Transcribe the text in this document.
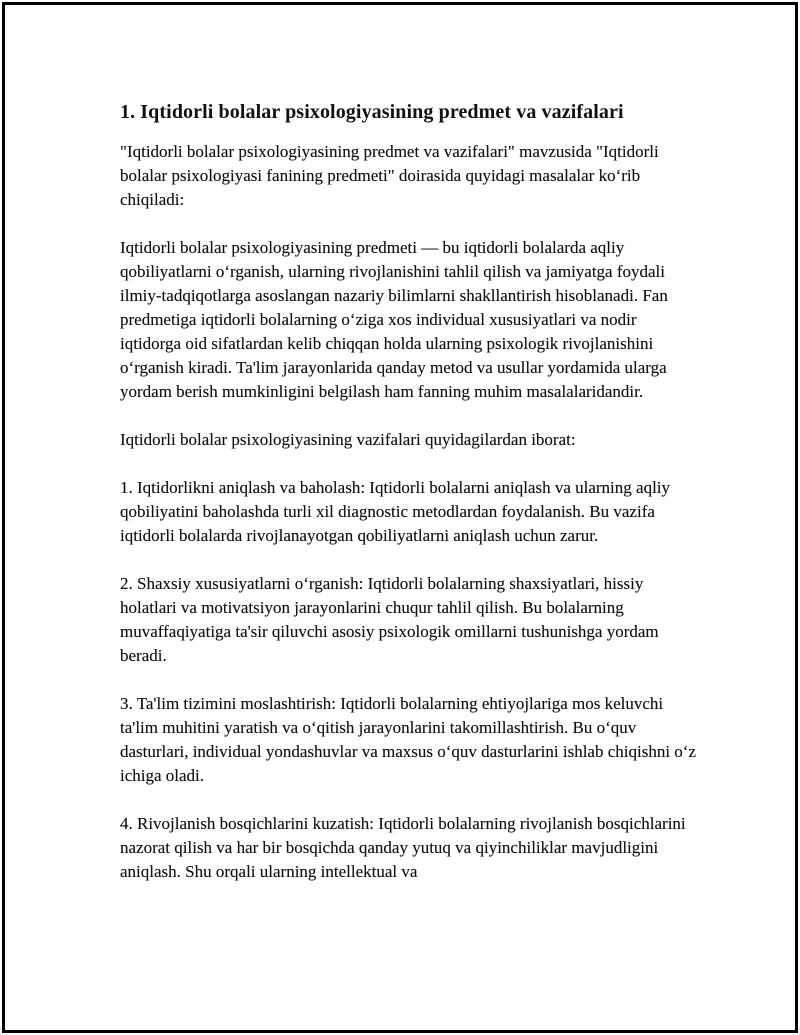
1. Iqtidorli bolalar psixologiyasining predmet va vazifalari

"Iqtidorli bolalar psixologiyasining predmet va vazifalari" mavzusida "Iqtidorli bolalar psixologiyasi fanining predmeti" doirasida quyidagi masalalar ko‘rib chiqiladi:

Iqtidorli bolalar psixologiyasining predmeti — bu iqtidorli bolalarda aqliy qobiliyatlarni o‘rganish, ularning rivojlanishini tahlil qilish va jamiyatga foydali ilmiy-tadqiqotlarga asoslangan nazariy bilimlarni shakllantirish hisoblanadi. Fan predmetiga iqtidorli bolalarning o‘ziga xos individual xususiyatlari va nodir iqtidorga oid sifatlardan kelib chiqqan holda ularning psixologik rivojlanishini o‘rganish kiradi. Ta'lim jarayonlarida qanday metod va usullar yordamida ularga yordam berish mumkinligini belgilash ham fanning muhim masalalaridandir.

Iqtidorli bolalar psixologiyasining vazifalari quyidagilardan iborat:

1. Iqtidorlikni aniqlash va baholash: Iqtidorli bolalarni aniqlash va ularning aqliy qobiliyatini baholashda turli xil diagnostic metodlardan foydalanish. Bu vazifa iqtidorli bolalarda rivojlanayotgan qobiliyatlarni aniqlash uchun zarur.

2. Shaxsiy xususiyatlarni o‘rganish: Iqtidorli bolalarning shaxsiyatlari, hissiy holatlari va motivatsiyon jarayonlarini chuqur tahlil qilish. Bu bolalarning muvaffaqiyatiga ta'sir qiluvchi asosiy psixologik omillarni tushunishga yordam beradi.

3. Ta'lim tizimini moslashtirish: Iqtidorli bolalarning ehtiyojlariga mos keluvchi ta'lim muhitini yaratish va o‘qitish jarayonlarini takomillashtirish. Bu o‘quv dasturlari, individual yondashuvlar va maxsus o‘quv dasturlarini ishlab chiqishni o‘z ichiga oladi.

4. Rivojlanish bosqichlarini kuzatish: Iqtidorli bolalarning rivojlanish bosqichlarini nazorat qilish va har bir bosqichda qanday yutuq va qiyinchiliklar mavjudligini aniqlash. Shu orqali ularning intellektual va
